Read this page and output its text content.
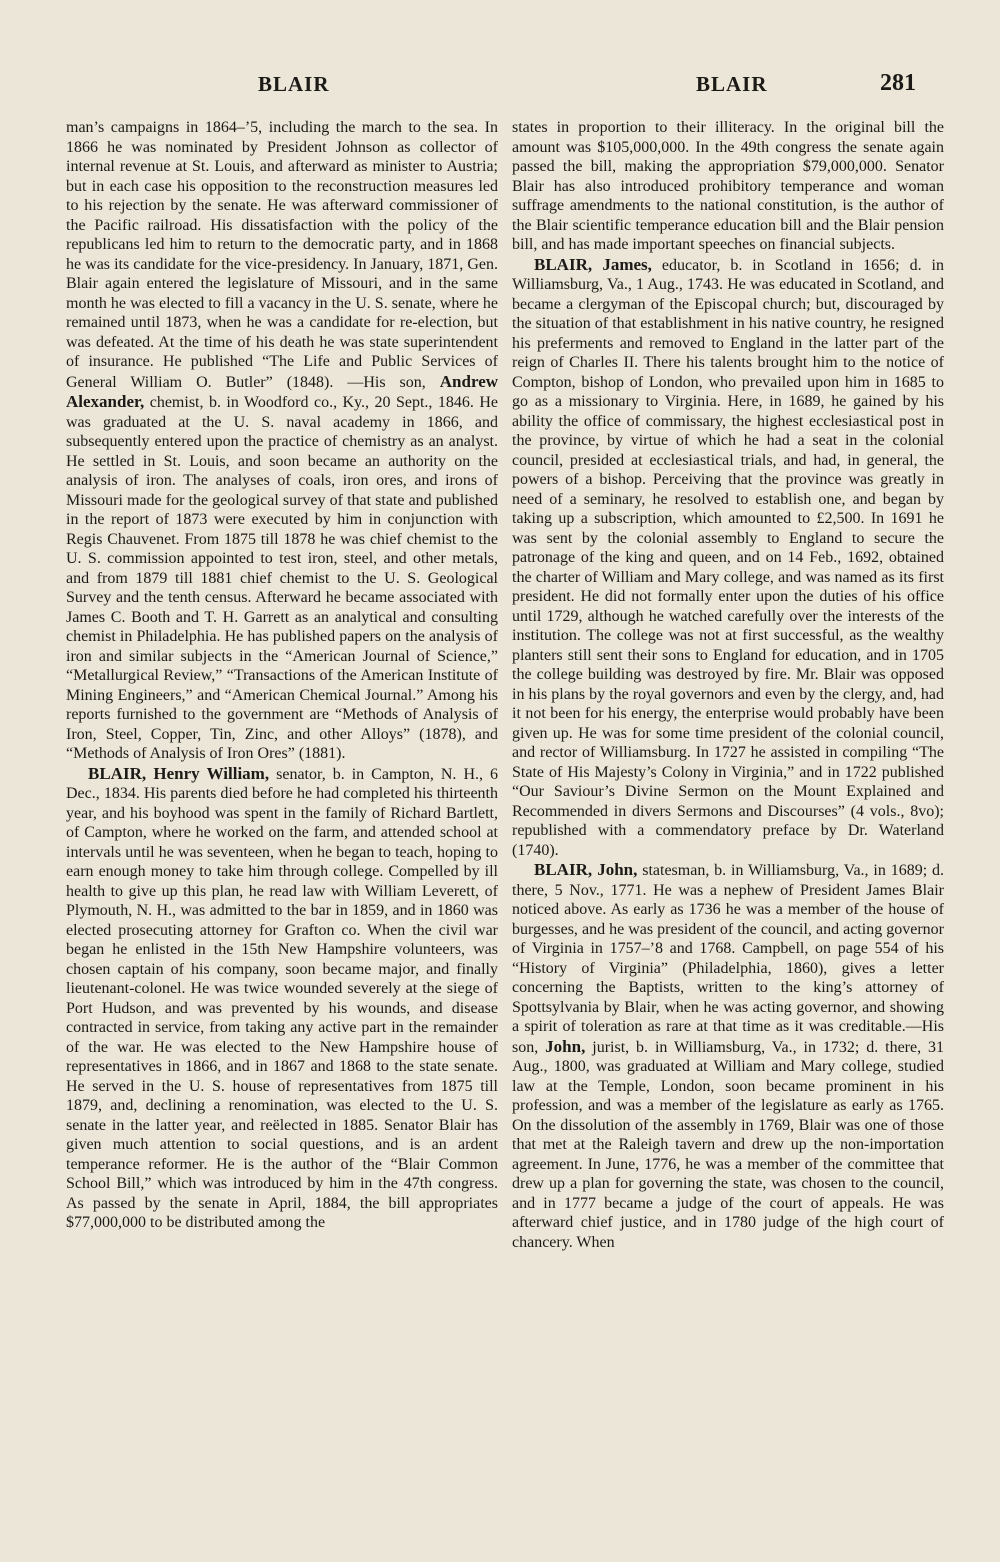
BLAIR	BLAIR	281

man’s campaigns in 1864–’5, including the march to the sea. In 1866 he was nominated by President Johnson as collector of internal revenue at St. Louis, and afterward as minister to Austria; but in each case his opposition to the reconstruction measures led to his rejection by the senate. He was afterward commissioner of the Pacific railroad. His dissatisfaction with the policy of the republicans led him to return to the democratic party, and in 1868 he was its candidate for the vice-presidency. In January, 1871, Gen. Blair again entered the legislature of Missouri, and in the same month he was elected to fill a vacancy in the U. S. senate, where he remained until 1873, when he was a candidate for re-election, but was defeated. At the time of his death he was state superintendent of insurance. He published “The Life and Public Services of General William O. Butler” (1848). —His son, Andrew Alexander, chemist, b. in Woodford co., Ky., 20 Sept., 1846. He was graduated at the U. S. naval academy in 1866, and subsequently entered upon the practice of chemistry as an analyst. He settled in St. Louis, and soon became an authority on the analysis of iron. The analyses of coals, iron ores, and irons of Missouri made for the geological survey of that state and published in the report of 1873 were executed by him in conjunction with Regis Chauvenet. From 1875 till 1878 he was chief chemist to the U. S. commission appointed to test iron, steel, and other metals, and from 1879 till 1881 chief chemist to the U. S. Geological Survey and the tenth census. Afterward he became associated with James C. Booth and T. H. Garrett as an analytical and consulting chemist in Philadelphia. He has published papers on the analysis of iron and similar subjects in the “American Journal of Science,” “Metallurgical Review,” “Transactions of the American Institute of Mining Engineers,” and “American Chemical Journal.” Among his reports furnished to the government are “Methods of Analysis of Iron, Steel, Copper, Tin, Zinc, and other Alloys” (1878), and “Methods of Analysis of Iron Ores” (1881).

BLAIR, Henry William, senator, b. in Campton, N. H., 6 Dec., 1834. His parents died before he had completed his thirteenth year, and his boyhood was spent in the family of Richard Bartlett, of Campton, where he worked on the farm, and attended school at intervals until he was seventeen, when he began to teach, hoping to earn enough money to take him through college. Compelled by ill health to give up this plan, he read law with William Leverett, of Plymouth, N. H., was admitted to the bar in 1859, and in 1860 was elected prosecuting attorney for Grafton co. When the civil war began he enlisted in the 15th New Hampshire volunteers, was chosen captain of his company, soon became major, and finally lieutenant-colonel. He was twice wounded severely at the siege of Port Hudson, and was prevented by his wounds, and disease contracted in service, from taking any active part in the remainder of the war. He was elected to the New Hampshire house of representatives in 1866, and in 1867 and 1868 to the state senate. He served in the U. S. house of representatives from 1875 till 1879, and, declining a renomination, was elected to the U. S. senate in the latter year, and reëlected in 1885. Senator Blair has given much attention to social questions, and is an ardent temperance reformer. He is the author of the “Blair Common School Bill,” which was introduced by him in the 47th congress. As passed by the senate in April, 1884, the bill appropriates $77,000,000 to be distributed among the

states in proportion to their illiteracy. In the original bill the amount was $105,000,000. In the 49th congress the senate again passed the bill, making the appropriation $79,000,000. Senator Blair has also introduced prohibitory temperance and woman suffrage amendments to the national constitution, is the author of the Blair scientific temperance education bill and the Blair pension bill, and has made important speeches on financial subjects.

BLAIR, James, educator, b. in Scotland in 1656; d. in Williamsburg, Va., 1 Aug., 1743. He was educated in Scotland, and became a clergyman of the Episcopal church; but, discouraged by the situation of that establishment in his native country, he resigned his preferments and removed to England in the latter part of the reign of Charles II. There his talents brought him to the notice of Compton, bishop of London, who prevailed upon him in 1685 to go as a missionary to Virginia. Here, in 1689, he gained by his ability the office of commissary, the highest ecclesiastical post in the province, by virtue of which he had a seat in the colonial council, presided at ecclesiastical trials, and had, in general, the powers of a bishop. Perceiving that the province was greatly in need of a seminary, he resolved to establish one, and began by taking up a subscription, which amounted to £2,500. In 1691 he was sent by the colonial assembly to England to secure the patronage of the king and queen, and on 14 Feb., 1692, obtained the charter of William and Mary college, and was named as its first president. He did not formally enter upon the duties of his office until 1729, although he watched carefully over the interests of the institution. The college was not at first successful, as the wealthy planters still sent their sons to England for education, and in 1705 the college building was destroyed by fire. Mr. Blair was opposed in his plans by the royal governors and even by the clergy, and, had it not been for his energy, the enterprise would probably have been given up. He was for some time president of the colonial council, and rector of Williamsburg. In 1727 he assisted in compiling “The State of His Majesty’s Colony in Virginia,” and in 1722 published “Our Saviour’s Divine Sermon on the Mount Explained and Recommended in divers Sermons and Discourses” (4 vols., 8vo); republished with a commendatory preface by Dr. Waterland (1740).

BLAIR, John, statesman, b. in Williamsburg, Va., in 1689; d. there, 5 Nov., 1771. He was a nephew of President James Blair noticed above. As early as 1736 he was a member of the house of burgesses, and he was president of the council, and acting governor of Virginia in 1757–’8 and 1768. Campbell, on page 554 of his “History of Virginia” (Philadelphia, 1860), gives a letter concerning the Baptists, written to the king’s attorney of Spottsylvania by Blair, when he was acting governor, and showing a spirit of toleration as rare at that time as it was creditable.—His son, John, jurist, b. in Williamsburg, Va., in 1732; d. there, 31 Aug., 1800, was graduated at William and Mary college, studied law at the Temple, London, soon became prominent in his profession, and was a member of the legislature as early as 1765. On the dissolution of the assembly in 1769, Blair was one of those that met at the Raleigh tavern and drew up the non-importation agreement. In June, 1776, he was a member of the committee that drew up a plan for governing the state, was chosen to the council, and in 1777 became a judge of the court of appeals. He was afterward chief justice, and in 1780 judge of the high court of chancery. When
